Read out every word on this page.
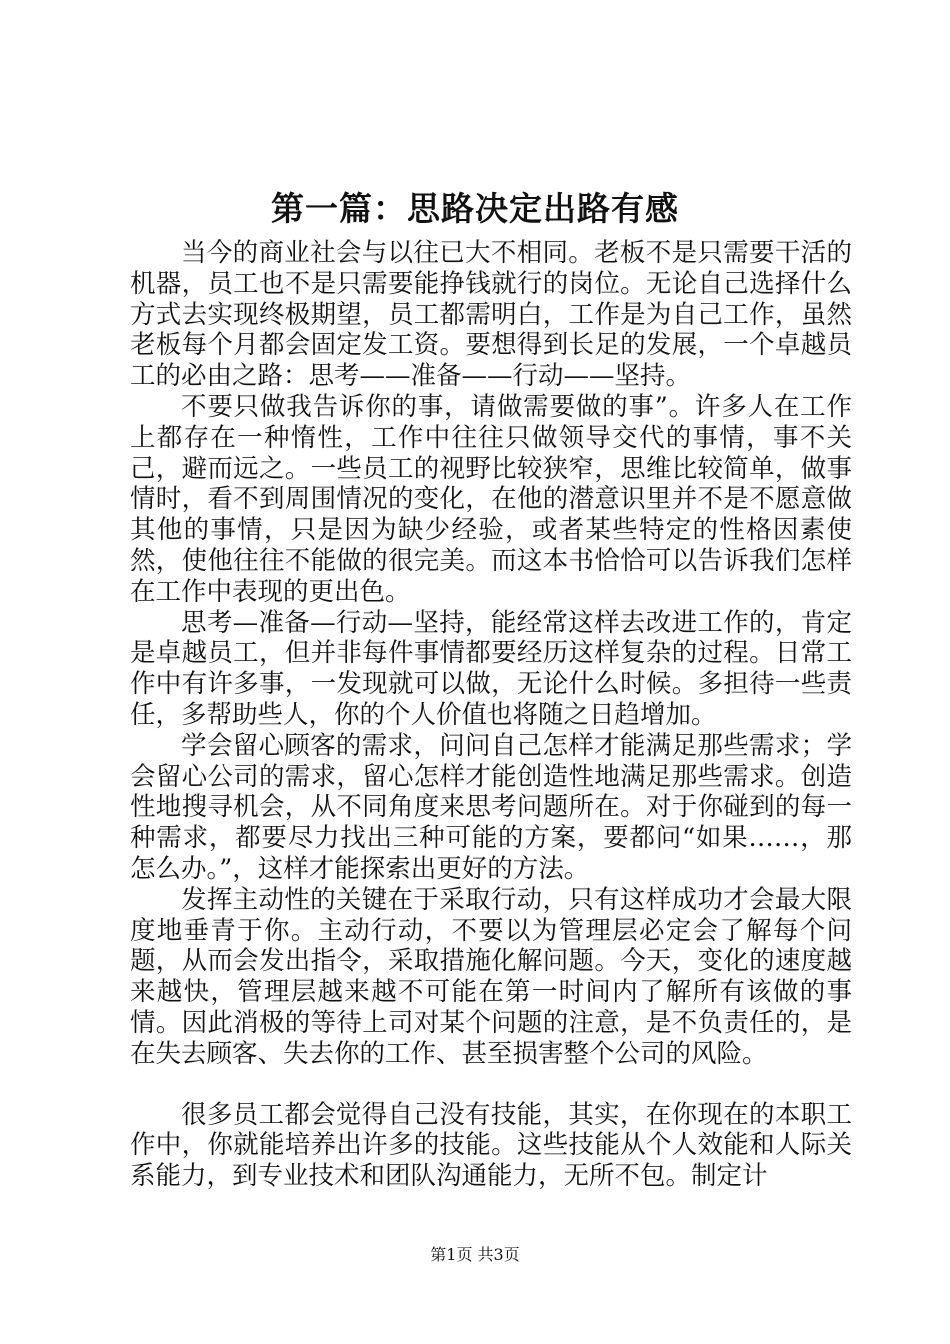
第一篇：思路决定出路有感

当今的商业社会与以往已大不相同。老板不是只需要干活的机器，员工也不是只需要能挣钱就行的岗位。无论自己选择什么方式去实现终极期望，员工都需明白，工作是为自己工作，虽然老板每个月都会固定发工资。要想得到长足的发展，一个卓越员工的必由之路：思考——准备——行动——坚持。

不要只做我告诉你的事，请做需要做的事”。许多人在工作上都存在一种惰性，工作中往往只做领导交代的事情，事不关己，避而远之。一些员工的视野比较狭窄，思维比较简单，做事情时，看不到周围情况的变化，在他的潜意识里并不是不愿意做其他的事情，只是因为缺少经验，或者某些特定的性格因素使然，使他往往不能做的很完美。而这本书恰恰可以告诉我们怎样在工作中表现的更出色。

思考—准备—行动—坚持，能经常这样去改进工作的，肯定是卓越员工，但并非每件事情都要经历这样复杂的过程。日常工作中有许多事，一发现就可以做，无论什么时候。多担待一些责任，多帮助些人，你的个人价值也将随之日趋增加。

学会留心顾客的需求，问问自己怎样才能满足那些需求；学会留心公司的需求，留心怎样才能创造性地满足那些需求。创造性地搜寻机会，从不同角度来思考问题所在。对于你碰到的每一种需求，都要尽力找出三种可能的方案，要都问“如果……，那怎么办。”，这样才能探索出更好的方法。

发挥主动性的关键在于采取行动，只有这样成功才会最大限度地垂青于你。主动行动，不要以为管理层必定会了解每个问题，从而会发出指令，采取措施化解问题。今天，变化的速度越来越快，管理层越来越不可能在第一时间内了解所有该做的事情。因此消极的等待上司对某个问题的注意，是不负责任的，是在失去顾客、失去你的工作、甚至损害整个公司的风险。

很多员工都会觉得自己没有技能，其实，在你现在的本职工作中，你就能培养出许多的技能。这些技能从个人效能和人际关系能力，到专业技术和团队沟通能力，无所不包。制定计

第1页 共3页
